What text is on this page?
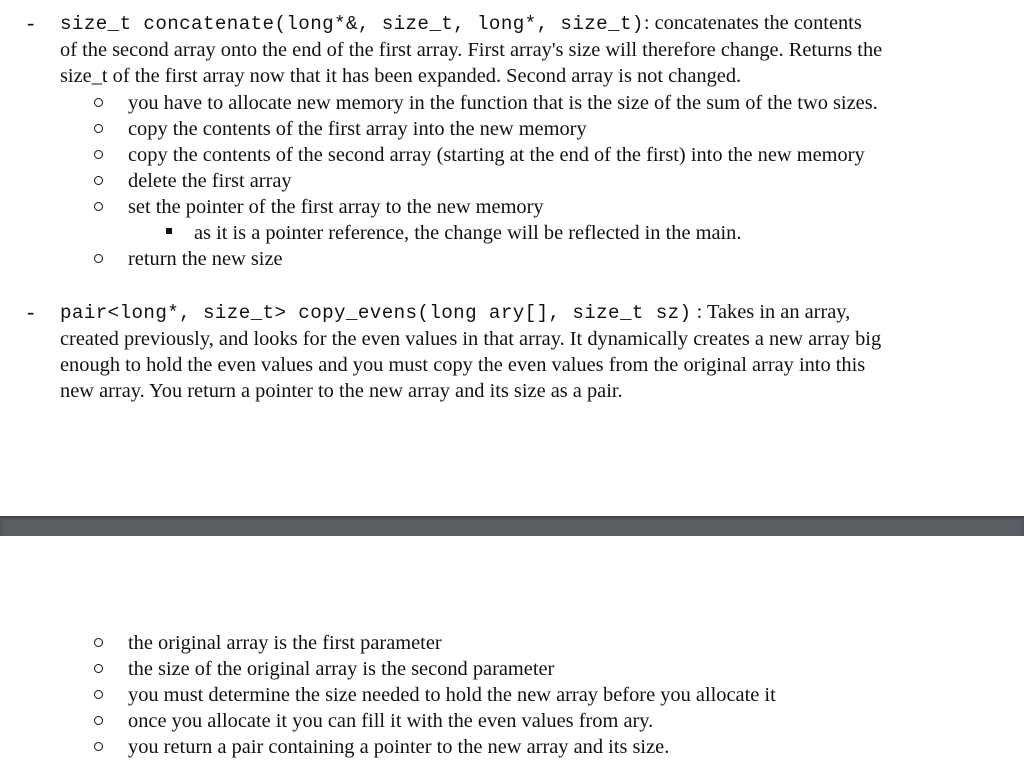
- size_t concatenate(long*&, size_t, long*, size_t): concatenates the contents
of the second array onto the end of the first array. First array's size will therefore change. Returns the
size_t of the first array now that it has been expanded. Second array is not changed.
you have to allocate new memory in the function that is the size of the sum of the two sizes.
copy the contents of the first array into the new memory
copy the contents of the second array (starting at the end of the first) into the new memory
delete the first array
set the pointer of the first array to the new memory
as it is a pointer reference, the change will be reflected in the main.
return the new size
- pair<long*, size_t> copy_evens(long ary[], size_t sz) : Takes in an array,
created previously, and looks for the even values in that array. It dynamically creates a new array big
enough to hold the even values and you must copy the even values from the original array into this
new array. You return a pointer to the new array and its size as a pair.
the original array is the first parameter
the size of the original array is the second parameter
you must determine the size needed to hold the new array before you allocate it
once you allocate it you can fill it with the even values from ary.
you return a pair containing a pointer to the new array and its size.
